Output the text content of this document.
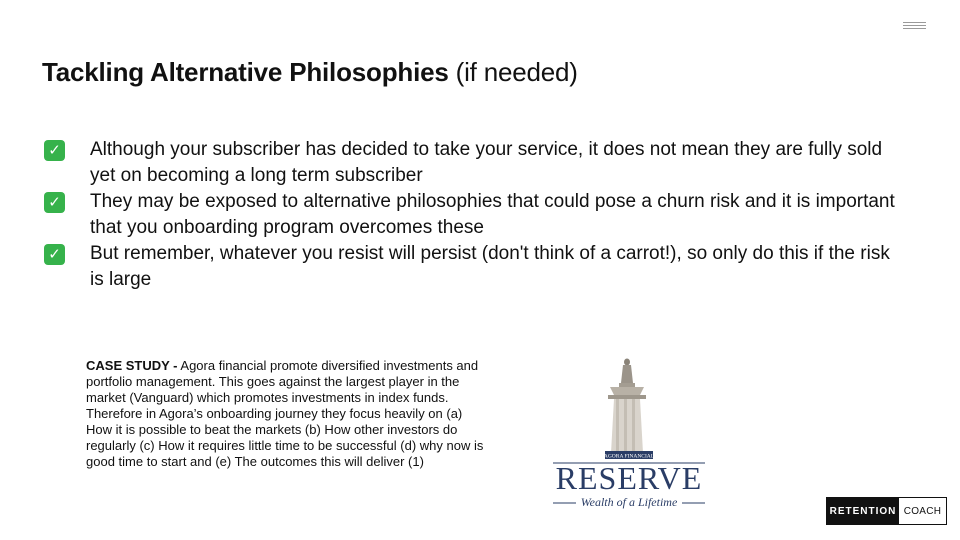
Tackling Alternative Philosophies (if needed)
✓ Although your subscriber has decided to take your service, it does not mean they are fully sold yet on becoming a long term subscriber
✓ They may be exposed to alternative philosophies that could pose a churn risk and it is important that you onboarding program overcomes these
✓ But remember, whatever you resist will persist (don't think of a carrot!), so only do this if the risk is large
CASE STUDY - Agora financial promote diversified investments and portfolio management. This goes against the largest player in the market (Vanguard) which promotes investments in index funds. Therefore in Agora’s onboarding journey they focus heavily on (a) How it is possible to beat the markets (b) How other investors do regularly (c) How it requires little time to be successful (d) why now is good time to start and (e) The outcomes this will deliver (1)	AGORA FINANCIAL
RESERVE
Wealth of a Lifetime
RETENTION COACH
